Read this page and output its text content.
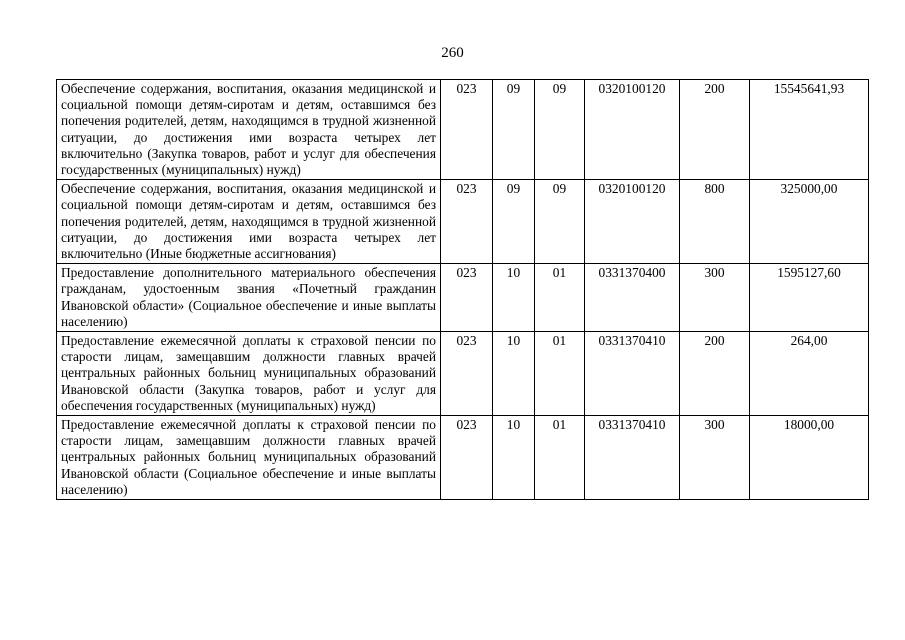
260
Обеспечение содержания, воспитания, оказания медицинской и социальной помощи детям-сиротам и детям, оставшимся без попечения родителей, детям, находящимся в трудной жизненной ситуации, до достижения ими возраста четырех лет включительно (Закупка товаров, работ и услуг для обеспечения государственных (муниципальных) нужд)	023	09	09	0320100120	200	15545641,93
Обеспечение содержания, воспитания, оказания медицинской и социальной помощи детям-сиротам и детям, оставшимся без попечения родителей, детям, находящимся в трудной жизненной ситуации, до достижения ими возраста четырех лет включительно (Иные бюджетные ассигнования)	023	09	09	0320100120	800	325000,00
Предоставление дополнительного материального обеспечения гражданам, удостоенным звания «Почетный гражданин Ивановской области» (Социальное обеспечение и иные выплаты населению)	023	10	01	0331370400	300	1595127,60
Предоставление ежемесячной доплаты к страховой пенсии по старости лицам, замещавшим должности главных врачей центральных районных больниц муниципальных образований Ивановской области (Закупка товаров, работ и услуг для обеспечения государственных (муниципальных) нужд)	023	10	01	0331370410	200	264,00
Предоставление ежемесячной доплаты к страховой пенсии по старости лицам, замещавшим должности главных врачей центральных районных больниц муниципальных образований Ивановской области (Социальное обеспечение и иные выплаты населению)	023	10	01	0331370410	300	18000,00
